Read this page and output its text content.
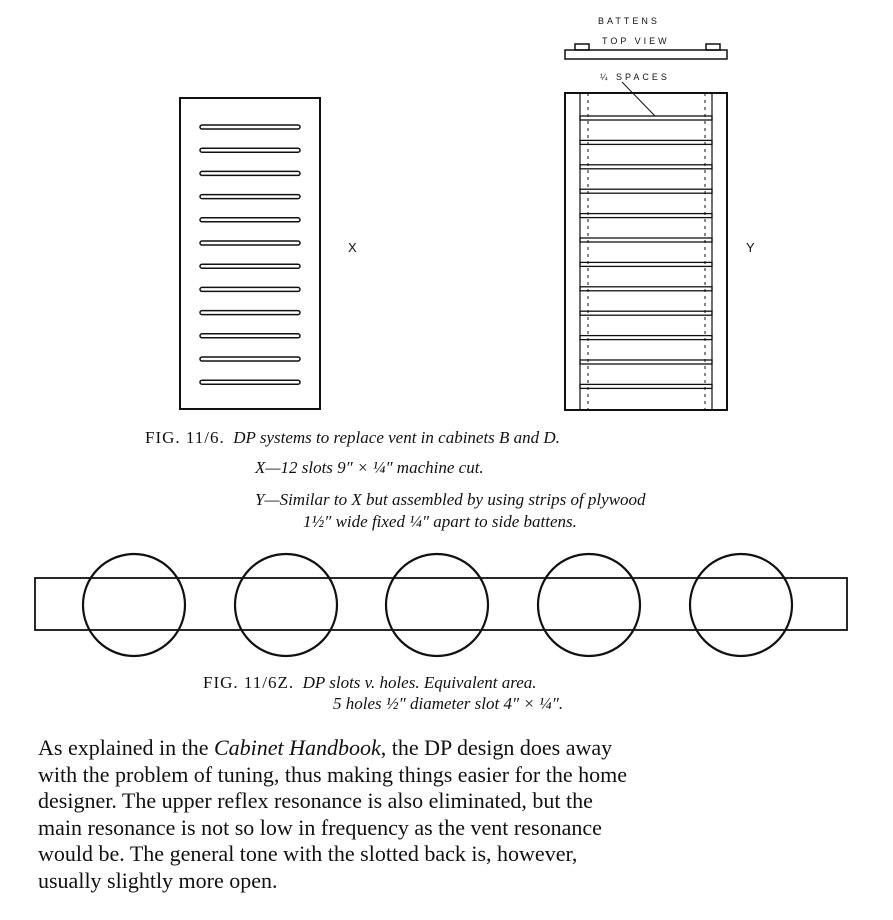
X	Y
BATTENS
TOP VIEW
¼ SPACES
FIG. 11/6. DP systems to replace vent in cabinets B and D.
X—12 slots 9″ × ¼″ machine cut.
Y—Similar to X but assembled by using strips of plywood
1½″ wide fixed ¼″ apart to side battens.
FIG. 11/6Z. DP slots v. holes. Equivalent area.
5 holes ½″ diameter slot 4″ × ¼″.

As explained in the Cabinet Handbook, the DP design does away
with the problem of tuning, thus making things easier for the home
designer. The upper reflex resonance is also eliminated, but the
main resonance is not so low in frequency as the vent resonance
would be. The general tone with the slotted back is, however,
usually slightly more open.
